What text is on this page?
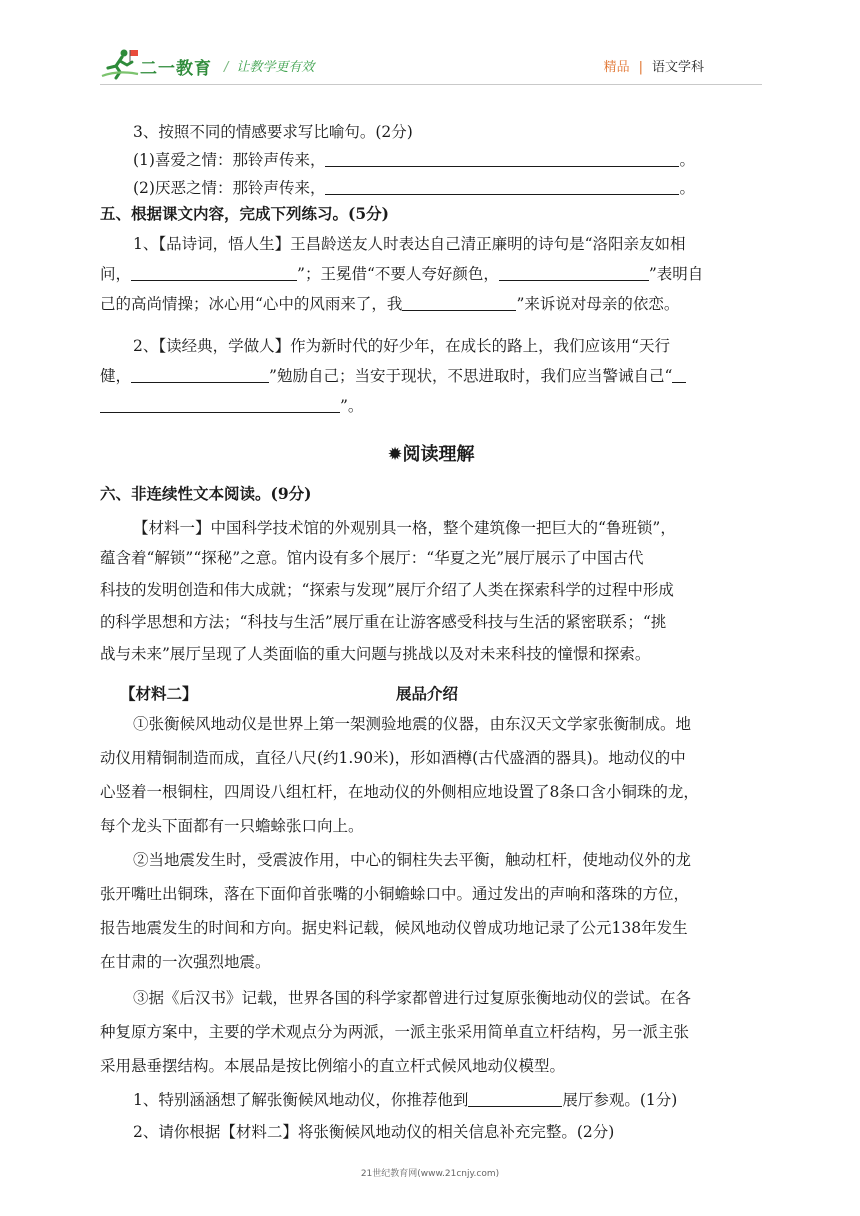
二一教育 / 让教学更有效	精品 | 语文学科
3、按照不同的情感要求写比喻句。(2分)
(1)喜爱之情：那铃声传来，	。
(2)厌恶之情：那铃声传来，	。
五、根据课文内容，完成下列练习。(5分)
1、【品诗词，悟人生】王昌龄送友人时表达自己清正廉明的诗句是“洛阳亲友如相
问，	”；王冕借“不要人夸好颜色，	”表明自
己的高尚情操；冰心用“心中的风雨来了，我	”来诉说对母亲的依恋。
2、【读经典，学做人】作为新时代的好少年，在成长的路上，我们应该用“天行
健，	”勉励自己；当安于现状，不思进取时，我们应当警诫自己“
”。
✹阅读理解
六、非连续性文本阅读。(9分)
【材料一】中国科学技术馆的外观别具一格，整个建筑像一把巨大的“鲁班锁”，
蕴含着“解锁”“探秘”之意。馆内设有多个展厅：“华夏之光”展厅展示了中国古代
科技的发明创造和伟大成就；“探索与发现”展厅介绍了人类在探索科学的过程中形成
的科学思想和方法；“科技与生活”展厅重在让游客感受科技与生活的紧密联系；“挑
战与未来”展厅呈现了人类面临的重大问题与挑战以及对未来科技的憧憬和探索。
【材料二】	展品介绍
①张衡候风地动仪是世界上第一架测验地震的仪器，由东汉天文学家张衡制成。地
动仪用精铜制造而成，直径八尺(约1.90米)，形如酒樽(古代盛酒的器具)。地动仪的中
心竖着一根铜柱，四周设八组杠杆，在地动仪的外侧相应地设置了8条口含小铜珠的龙，
每个龙头下面都有一只蟾蜍张口向上。
②当地震发生时，受震波作用，中心的铜柱失去平衡，触动杠杆，使地动仪外的龙
张开嘴吐出铜珠，落在下面仰首张嘴的小铜蟾蜍口中。通过发出的声响和落珠的方位，
报告地震发生的时间和方向。据史料记载，候风地动仪曾成功地记录了公元138年发生
在甘肃的一次强烈地震。
③据《后汉书》记载，世界各国的科学家都曾进行过复原张衡地动仪的尝试。在各
种复原方案中，主要的学术观点分为两派，一派主张采用简单直立杆结构，另一派主张
采用悬垂摆结构。本展品是按比例缩小的直立杆式候风地动仪模型。
1、特别涵涵想了解张衡候风地动仪，你推荐他到	展厅参观。(1分)
2、请你根据【材料二】将张衡候风地动仪的相关信息补充完整。(2分)
21世纪教育网(www.21cnjy.com)
